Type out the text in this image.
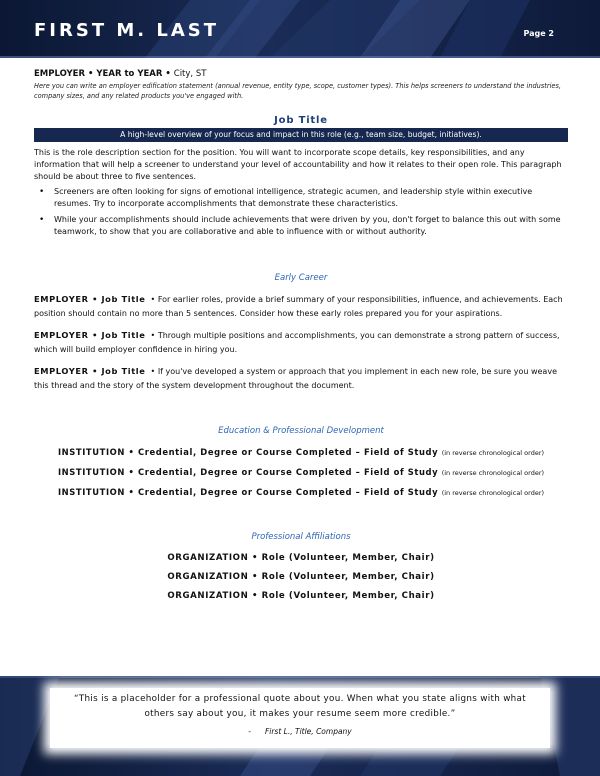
FIRST M. LAST	Page 2

EMPLOYER • YEAR to YEAR • City, ST

Here you can write an employer edification statement (annual revenue, entity type, scope, customer types). This helps screeners to understand the industries, company sizes, and any related products you've engaged with.

Job Title
A high-level overview of your focus and impact in this role (e.g., team size, budget, initiatives).

This is the role description section for the position. You will want to incorporate scope details, key responsibilities, and any information that will help a screener to understand your level of accountability and how it relates to their open role. This paragraph should be about three to five sentences.

• Screeners are often looking for signs of emotional intelligence, strategic acumen, and leadership style within executive resumes. Try to incorporate accomplishments that demonstrate these characteristics.
• While your accomplishments should include achievements that were driven by you, don't forget to balance this out with some teamwork, to show that you are collaborative and able to influence with or without authority.

Early Career

EMPLOYER • Job Title  • For earlier roles, provide a brief summary of your responsibilities, influence, and achievements. Each position should contain no more than 5 sentences. Consider how these early roles prepared you for your aspirations.

EMPLOYER • Job Title  • Through multiple positions and accomplishments, you can demonstrate a strong pattern of success, which will build employer confidence in hiring you.

EMPLOYER • Job Title  • If you've developed a system or approach that you implement in each new role, be sure you weave this thread and the story of the system development throughout the document.

Education & Professional Development

INSTITUTION • Credential, Degree or Course Completed – Field of Study (in reverse chronological order)

INSTITUTION • Credential, Degree or Course Completed – Field of Study (in reverse chronological order)

INSTITUTION • Credential, Degree or Course Completed – Field of Study (in reverse chronological order)

Professional Affiliations

ORGANIZATION • Role (Volunteer, Member, Chair)

ORGANIZATION • Role (Volunteer, Member, Chair)

ORGANIZATION • Role (Volunteer, Member, Chair)

“This is a placeholder for a professional quote about you. When what you state aligns with what others say about you, it makes your resume seem more credible.”
- First L., Title, Company
